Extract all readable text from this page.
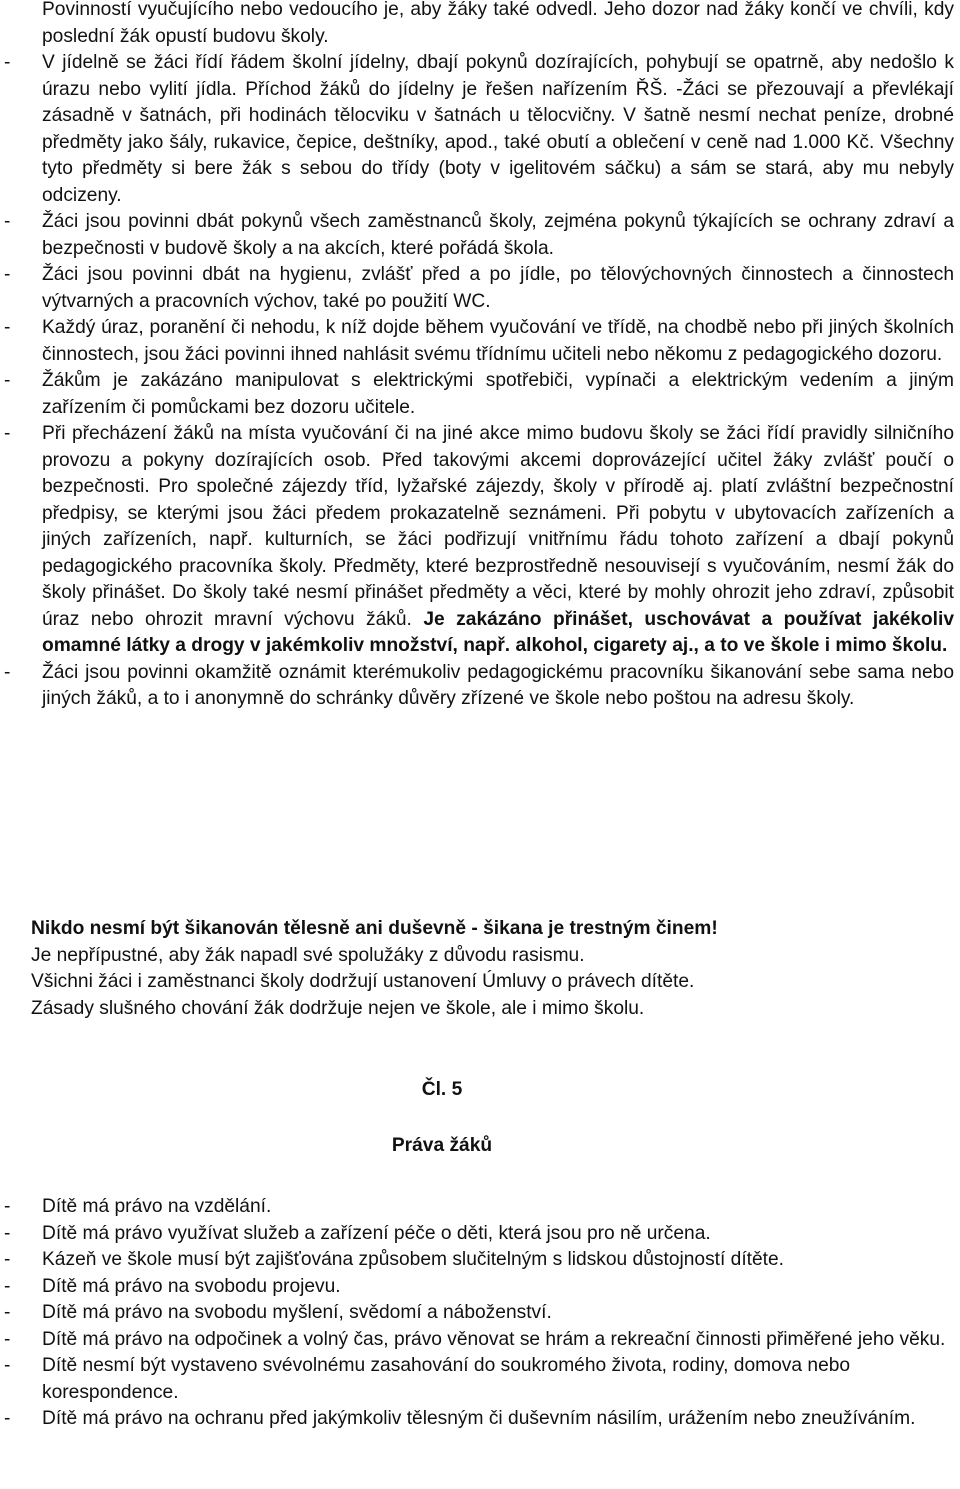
Povinností vyučujícího nebo vedoucího je, aby žáky také odvedl. Jeho dozor nad žáky končí ve chvíli, kdy poslední žák opustí budovu školy.
- V jídelně se žáci řídí řádem školní jídelny, dbají pokynů dozírajících, pohybují se opatrně, aby nedošlo k úrazu nebo vylití jídla. Příchod žáků do jídelny je řešen nařízením ŘŠ. -Žáci se přezouvají a převlékají zásadně v šatnách, při hodinách tělocviku v šatnách u tělocvičny. V šatně nesmí nechat peníze, drobné předměty jako šály, rukavice, čepice, deštníky, apod., také obutí a oblečení v ceně nad 1.000 Kč. Všechny tyto předměty si bere žák s sebou do třídy (boty v igelitovém sáčku) a sám se stará, aby mu nebyly odcizeny.
- Žáci jsou povinni dbát pokynů všech zaměstnanců školy, zejména pokynů týkajících se ochrany zdraví a bezpečnosti v budově školy a na akcích, které pořádá škola.
- Žáci jsou povinni dbát na hygienu, zvlášť před a po jídle, po tělovýchovných činnostech a činnostech výtvarných a pracovních výchov, také po použití WC.
- Každý úraz, poranění či nehodu, k níž dojde během vyučování ve třídě, na chodbě nebo při jiných školních činnostech, jsou žáci povinni ihned nahlásit svému třídnímu učiteli nebo někomu z pedagogického dozoru.
- Žákům je zakázáno manipulovat s elektrickými spotřebiči, vypínači a elektrickým vedením a jiným zařízením či pomůckami bez dozoru učitele.
- Při přecházení žáků na místa vyučování či na jiné akce mimo budovu školy se žáci řídí pravidly silničního provozu a pokyny dozírajících osob. Před takovými akcemi doprovázející učitel žáky zvlášť poučí o bezpečnosti. Pro společné zájezdy tříd, lyžařské zájezdy, školy v přírodě aj. platí zvláštní bezpečnostní předpisy, se kterými jsou žáci předem prokazatelně seznámeni. Při pobytu v ubytovacích zařízeních a jiných zařízeních, např. kulturních, se žáci podřizují vnitřnímu řádu tohoto zařízení a dbají pokynů pedagogického pracovníka školy. Předměty, které bezprostředně nesouvisejí s vyučováním, nesmí žák do školy přinášet. Do školy také nesmí přinášet předměty a věci, které by mohly ohrozit jeho zdraví, způsobit úraz nebo ohrozit mravní výchovu žáků. Je zakázáno přinášet, uschovávat a používat jakékoliv omamné látky a drogy v jakémkoliv množství, např. alkohol, cigarety aj., a to ve škole i mimo školu.
- Žáci jsou povinni okamžitě oznámit kterémukoliv pedagogickému pracovníku šikanování sebe sama nebo jiných žáků, a to i anonymně do schránky důvěry zřízené ve škole nebo poštou na adresu školy.
Nikdo nesmí být šikanován tělesně ani duševně - šikana je trestným činem!
Je nepřípustné, aby žák napadl své spolužáky z důvodu rasismu.
Všichni žáci i zaměstnanci školy dodržují ustanovení Úmluvy o právech dítěte.
Zásady slušného chování žák dodržuje nejen ve škole, ale i mimo školu.
Čl. 5
Práva žáků
- Dítě má právo na vzdělání.
- Dítě má právo využívat služeb a zařízení péče o děti, která jsou pro ně určena.
- Kázeň ve škole musí být zajišťována způsobem slučitelným s lidskou důstojností dítěte.
- Dítě má právo na svobodu projevu.
- Dítě má právo na svobodu myšlení, svědomí a náboženství.
- Dítě má právo na odpočinek a volný čas, právo věnovat se hrám a rekreační činnosti přiměřené jeho věku.
- Dítě nesmí být vystaveno svévolnému zasahování do soukromého života, rodiny, domova nebo korespondence.
- Dítě má právo na ochranu před jakýmkoliv tělesným či duševním násilím, urážením nebo zneužíváním.
